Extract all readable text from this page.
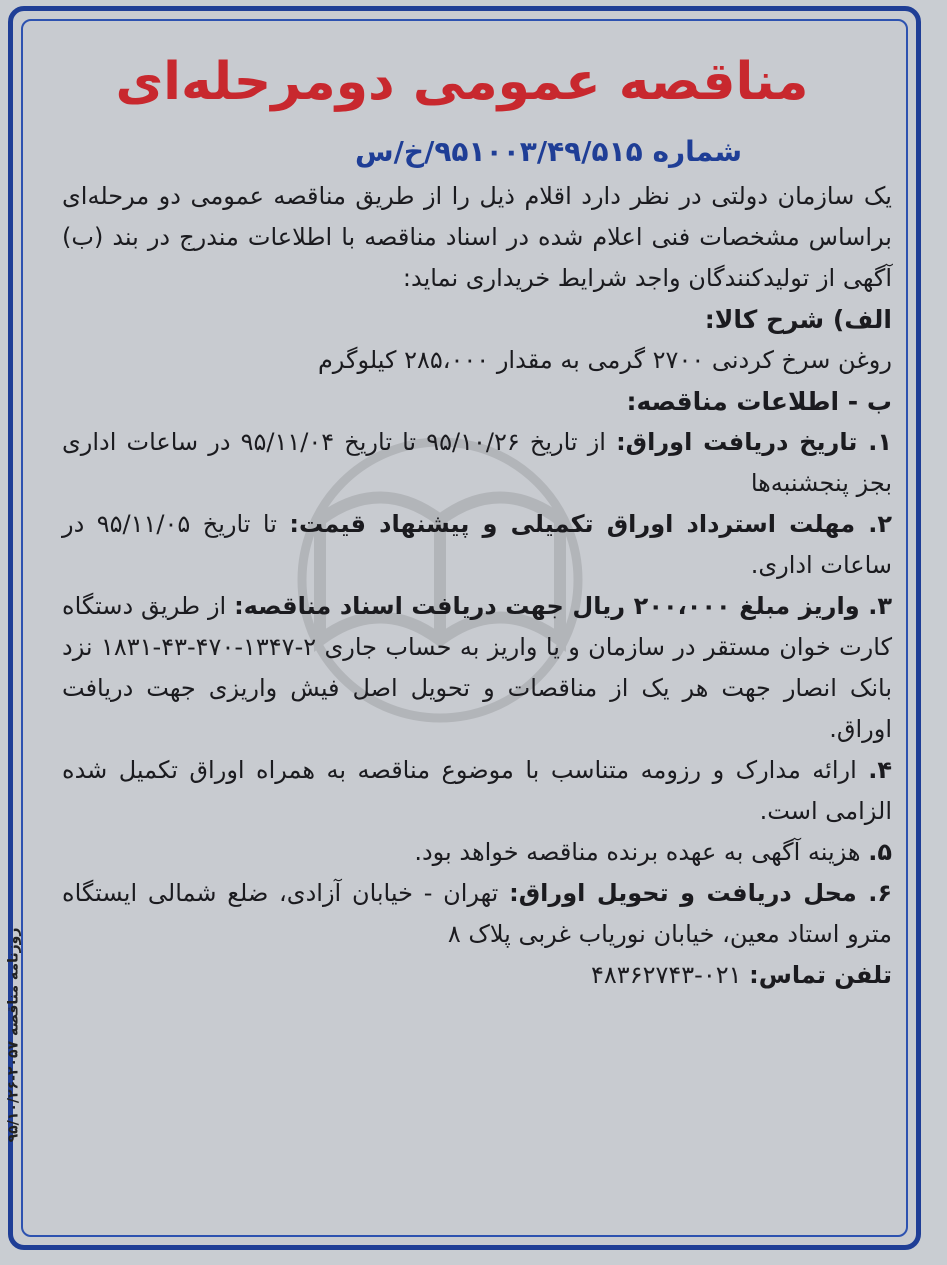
روزنامه مناقصه ۲۰۵۷-۹۵/۱۰/۲۶
مناقصه عمومی دومرحله‌ای
شماره ۹۵۱۰۰۳/۴۹/۵۱۵/خ/س

یک سازمان دولتی در نظر دارد اقلام ذیل را از طریق مناقصه عمومی دو مرحله‌ای براساس مشخصات فنی اعلام شده در اسناد مناقصه با اطلاعات مندرج در بند (ب) آگهی از تولیدکنندگان واجد شرایط خریداری نماید:

الف) شرح کالا:

روغن سرخ کردنی ۲۷۰۰ گرمی به مقدار ۲۸۵،۰۰۰ کیلوگرم

ب - اطلاعات مناقصه:

۱. تاریخ دریافت اوراق: از تاریخ ۹۵/۱۰/۲۶ تا تاریخ ۹۵/۱۱/۰۴ در ساعات اداری بجز پنجشنبه‌ها

۲. مهلت استرداد اوراق تکمیلی و پیشنهاد قیمت: تا تاریخ ۹۵/۱۱/۰۵ در ساعات اداری.

۳. واریز مبلغ ۲۰۰،۰۰۰ ریال جهت دریافت اسناد مناقصه: از طریق دستگاه کارت خوان مستقر در سازمان و یا واریز به حساب جاری ۲-۱۳۴۷-۴۷۰-۴۳-۱۸۳۱ نزد بانک انصار جهت هر یک از مناقصات و تحویل اصل فیش واریزی جهت دریافت اوراق.

۴. ارائه مدارک و رزومه متناسب با موضوع مناقصه به همراه اوراق تکمیل شده الزامی است.

۵. هزینه آگهی به عهده برنده مناقصه خواهد بود.

۶. محل دریافت و تحویل اوراق: تهران - خیابان آزادی، ضلع شمالی ایستگاه مترو استاد معین، خیابان نوریاب غربی پلاک ۸

تلفن تماس: ۰۲۱-۴۸۳۶۲۷۴۳
